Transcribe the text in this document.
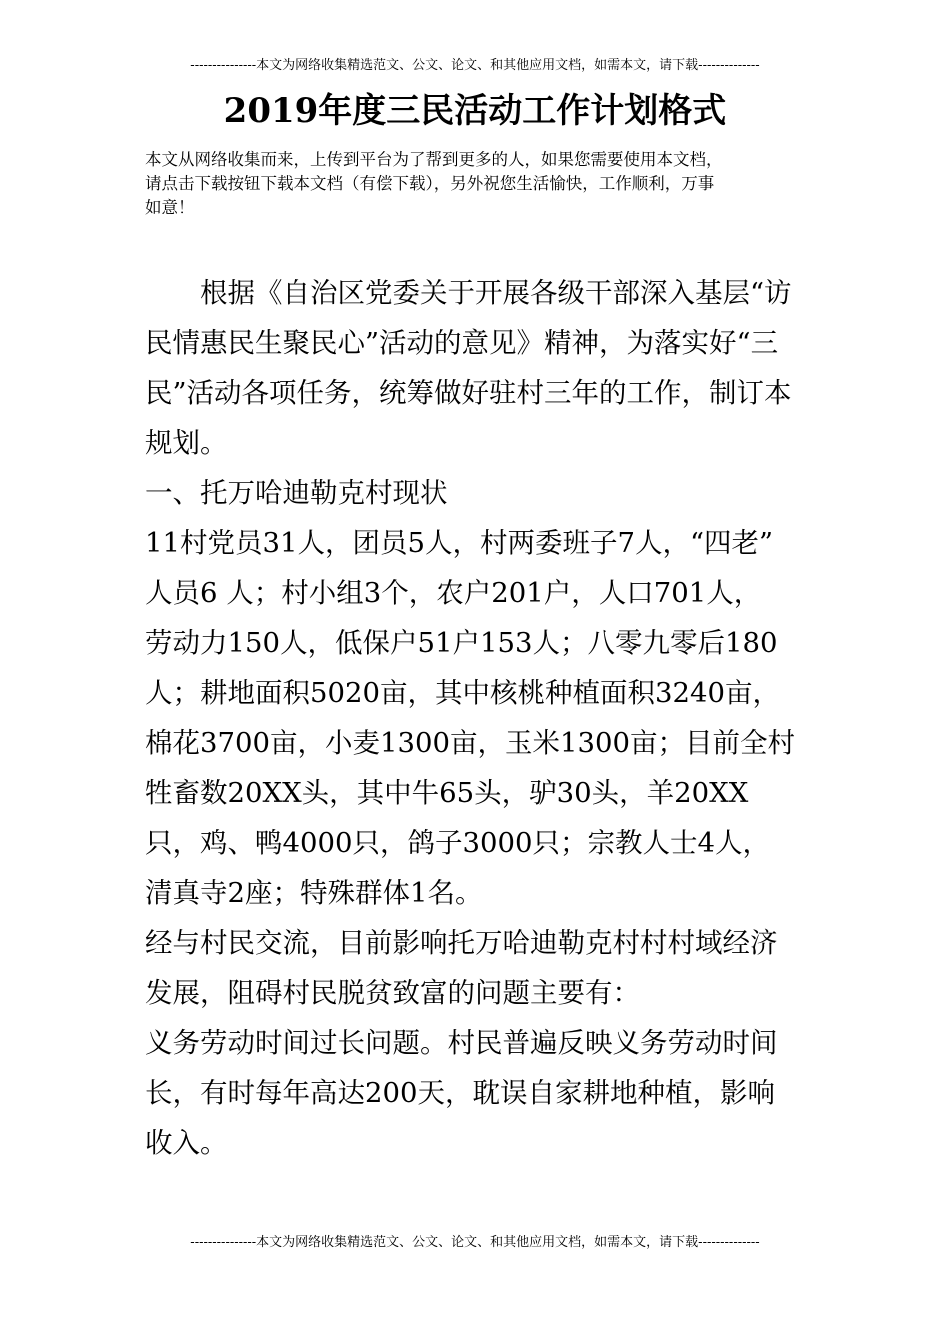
---------------本文为网络收集精选范文、公文、论文、和其他应用文档，如需本文，请下载--------------
2019年度三民活动工作计划格式
本文从网络收集而来，上传到平台为了帮到更多的人，如果您需要使用本文档，
请点击下载按钮下载本文档（有偿下载），另外祝您生活愉快，工作顺利，万事
如意！
　　根据《自治区党委关于开展各级干部深入基层“访
民情惠民生聚民心”活动的意见》精神，为落实好“三
民”活动各项任务，统筹做好驻村三年的工作，制订本
规划。
一、托万哈迪勒克村现状
11村党员31人，团员5人，村两委班子7人，“四老”
人员6 人；村小组3个，农户201户，人口701人，
劳动力150人，低保户51户153人；八零九零后180
人；耕地面积5020亩，其中核桃种植面积3240亩，
棉花3700亩，小麦1300亩，玉米1300亩；目前全村
牲畜数20XX头，其中牛65头，驴30头，羊20XX
只，鸡、鸭4000只，鸽子3000只；宗教人士4人，
清真寺2座；特殊群体1名。
经与村民交流，目前影响托万哈迪勒克村村村域经济
发展，阻碍村民脱贫致富的问题主要有：
义务劳动时间过长问题。村民普遍反映义务劳动时间
长，有时每年高达200天，耽误自家耕地种植，影响
收入。
---------------本文为网络收集精选范文、公文、论文、和其他应用文档，如需本文，请下载--------------
